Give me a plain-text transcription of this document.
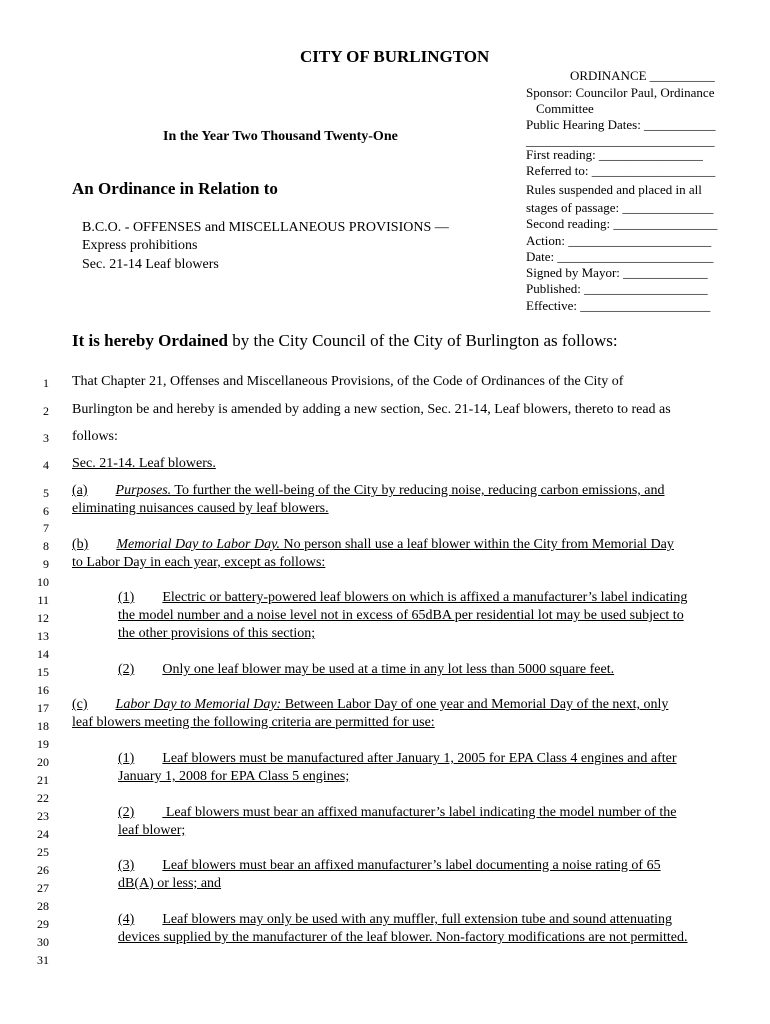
CITY OF BURLINGTON
In the Year Two Thousand Twenty-One
An Ordinance in Relation to
B.C.O. - OFFENSES and MISCELLANEOUS PROVISIONS —
Express prohibitions
Sec. 21-14 Leaf blowers
ORDINANCE __________
Sponsor: Councilor Paul, Ordinance
Committee
Public Hearing Dates: ___________
_____________________________
First reading: ________________
Referred to: ___________________
Rules suspended and placed in all
stages of passage: ______________
Second reading: ________________
Action: ______________________
Date: ________________________
Signed by Mayor: _____________
Published: ___________________
Effective: ____________________
It is hereby Ordained by the City Council of the City of Burlington as follows:
1 That Chapter 21, Offenses and Miscellaneous Provisions, of the Code of Ordinances of the City of
2 Burlington be and hereby is amended by adding a new section, Sec. 21-14, Leaf blowers, thereto to read as
3 follows:
4 Sec. 21-14. Leaf blowers.
5 (a) Purposes. To further the well-being of the City by reducing noise, reducing carbon emissions, and
6 eliminating nuisances caused by leaf blowers.
7
8 (b) Memorial Day to Labor Day. No person shall use a leaf blower within the City from Memorial Day
9 to Labor Day in each year, except as follows:
10
11	(1) Electric or battery-powered leaf blowers on which is affixed a manufacturer’s label indicating
12	the model number and a noise level not in excess of 65dBA per residential lot may be used subject to
13	the other provisions of this section;
14
15	(2) Only one leaf blower may be used at a time in any lot less than 5000 square feet.
16
17 (c) Labor Day to Memorial Day: Between Labor Day of one year and Memorial Day of the next, only
18 leaf blowers meeting the following criteria are permitted for use:
19
20	(1) Leaf blowers must be manufactured after January 1, 2005 for EPA Class 4 engines and after
21	January 1, 2008 for EPA Class 5 engines;
22
23	(2) Leaf blowers must bear an affixed manufacturer’s label indicating the model number of the
24	leaf blower;
25
26	(3) Leaf blowers must bear an affixed manufacturer’s label documenting a noise rating of 65
27	dB(A) or less; and
28
29	(4) Leaf blowers may only be used with any muffler, full extension tube and sound attenuating
30	devices supplied by the manufacturer of the leaf blower. Non-factory modifications are not permitted.
31
